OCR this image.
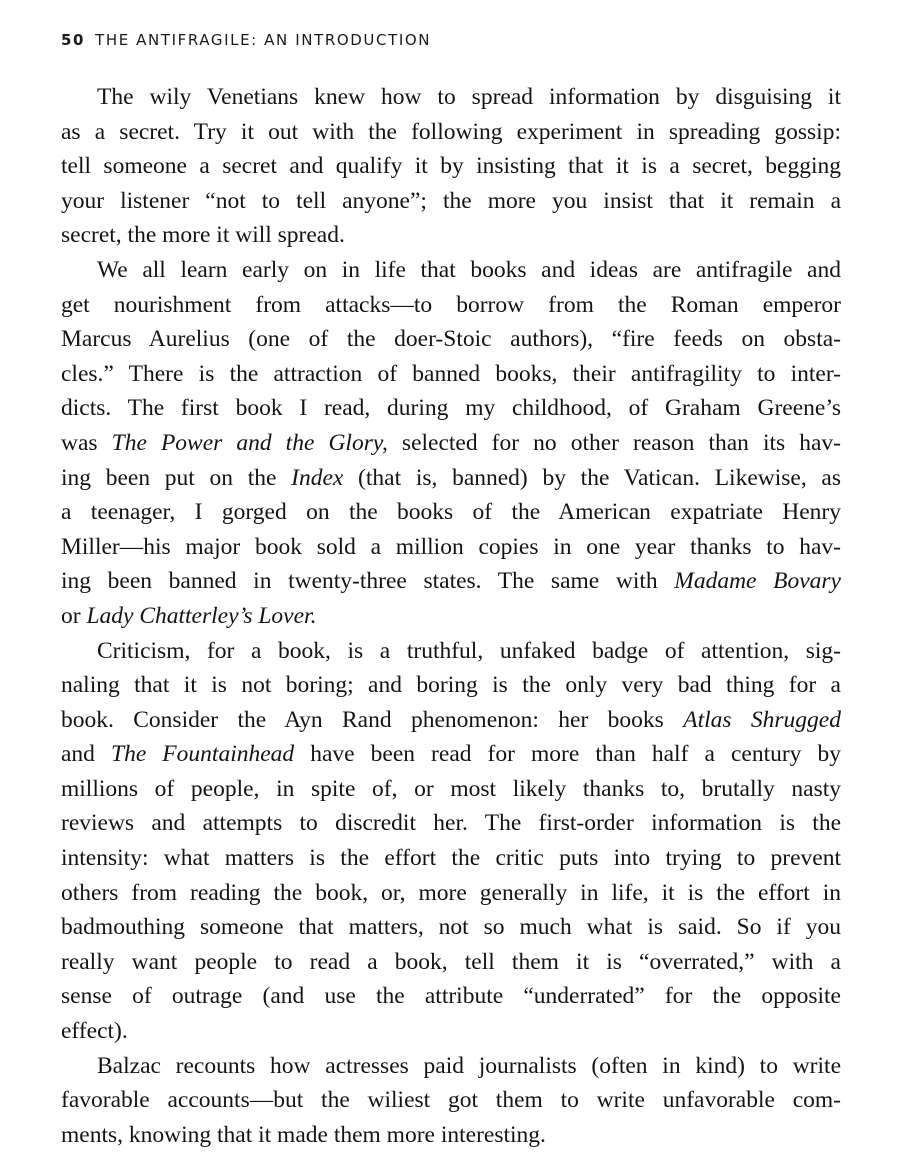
50 THE ANTIFRAGILE: AN INTRODUCTION
The wily Venetians knew how to spread information by disguising it
as a secret. Try it out with the following experiment in spreading gossip:
tell someone a secret and qualify it by insisting that it is a secret, begging
your listener “not to tell anyone”; the more you insist that it remain a
secret, the more it will spread.
We all learn early on in life that books and ideas are antifragile and
get nourishment from attacks—to borrow from the Roman emperor
Marcus Aurelius (one of the doer-Stoic authors), “fire feeds on obsta-
cles.” There is the attraction of banned books, their antifragility to inter-
dicts. The first book I read, during my childhood, of Graham Greene’s
was The Power and the Glory, selected for no other reason than its hav-
ing been put on the Index (that is, banned) by the Vatican. Likewise, as
a teenager, I gorged on the books of the American expatriate Henry
Miller—his major book sold a million copies in one year thanks to hav-
ing been banned in twenty-three states. The same with Madame Bovary
or Lady Chatterley’s Lover.
Criticism, for a book, is a truthful, unfaked badge of attention, sig-
naling that it is not boring; and boring is the only very bad thing for a
book. Consider the Ayn Rand phenomenon: her books Atlas Shrugged
and The Fountainhead have been read for more than half a century by
millions of people, in spite of, or most likely thanks to, brutally nasty
reviews and attempts to discredit her. The first-order information is the
intensity: what matters is the effort the critic puts into trying to prevent
others from reading the book, or, more generally in life, it is the effort in
badmouthing someone that matters, not so much what is said. So if you
really want people to read a book, tell them it is “overrated,” with a
sense of outrage (and use the attribute “underrated” for the opposite
effect).
Balzac recounts how actresses paid journalists (often in kind) to write
favorable accounts—but the wiliest got them to write unfavorable com-
ments, knowing that it made them more interesting.
